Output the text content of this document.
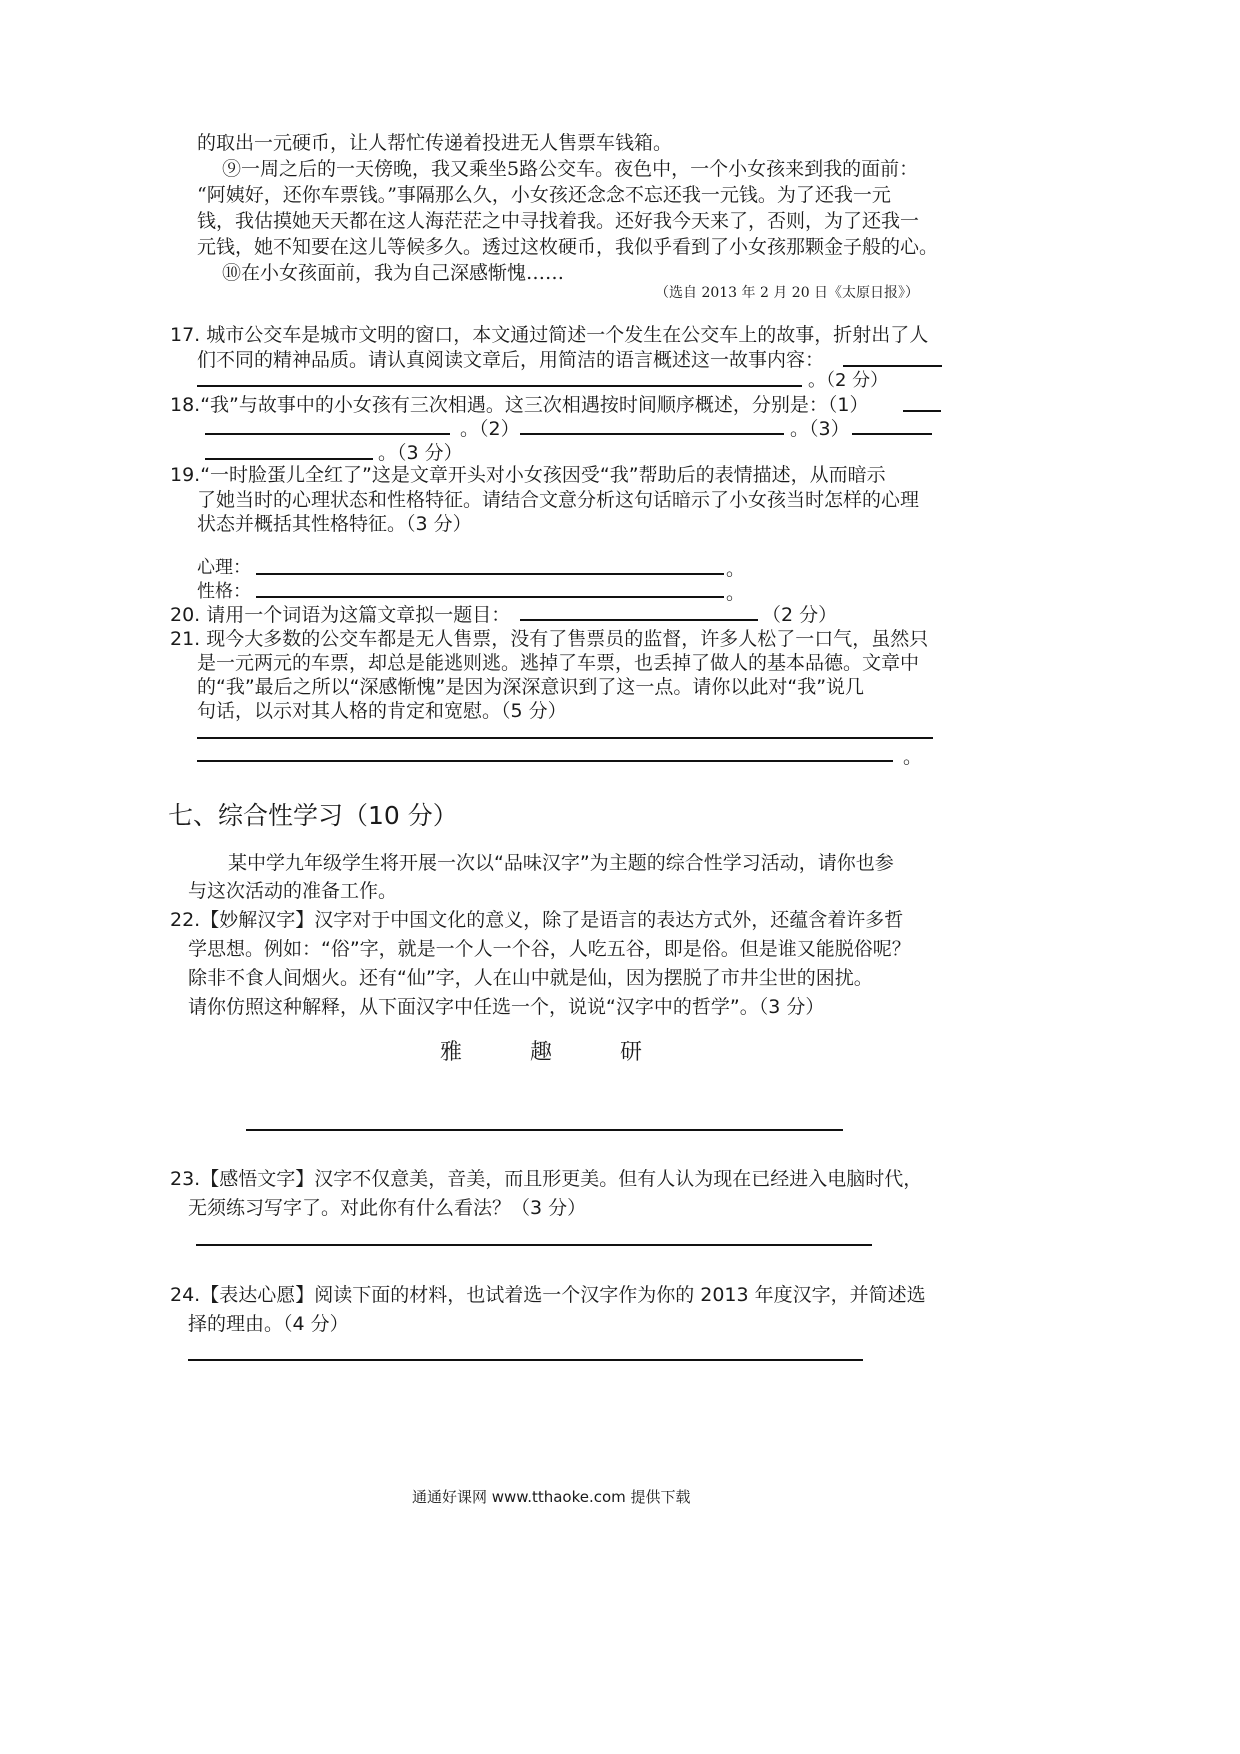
的取出一元硬币，让人帮忙传递着投进无人售票车钱箱。
⑨一周之后的一天傍晚，我又乘坐5路公交车。夜色中，一个小女孩来到我的面前：
“阿姨好，还你车票钱。”事隔那么久，小女孩还念念不忘还我一元钱。为了还我一元
钱，我估摸她天天都在这人海茫茫之中寻找着我。还好我今天来了，否则，为了还我一
元钱，她不知要在这儿等候多久。透过这枚硬币，我似乎看到了小女孩那颗金子般的心。
⑩在小女孩面前，我为自己深感惭愧……
（选自 2013 年 2 月 20 日《太原日报》）
17. 城市公交车是城市文明的窗口，本文通过简述一个发生在公交车上的故事，折射出了人
们不同的精神品质。请认真阅读文章后，用简洁的语言概述这一故事内容：
。（2 分）
18.“我”与故事中的小女孩有三次相遇。这三次相遇按时间顺序概述，分别是：（1）
。（2）	。（3）
。（3 分）
19.“一时脸蛋儿全红了”这是文章开头对小女孩因受“我”帮助后的表情描述，从而暗示
了她当时的心理状态和性格特征。请结合文意分析这句话暗示了小女孩当时怎样的心理
状态并概括其性格特征。（3 分）
心理：	。
性格：	。
20. 请用一个词语为这篇文章拟一题目：	（2 分）
21. 现今大多数的公交车都是无人售票，没有了售票员的监督，许多人松了一口气，虽然只
是一元两元的车票，却总是能逃则逃。逃掉了车票，也丢掉了做人的基本品德。文章中
的“我”最后之所以“深感惭愧”是因为深深意识到了这一点。请你以此对“我”说几
句话，以示对其人格的肯定和宽慰。（5 分）
。
七、综合性学习（10 分）
某中学九年级学生将开展一次以“品味汉字”为主题的综合性学习活动，请你也参
与这次活动的准备工作。
22.【妙解汉字】汉字对于中国文化的意义，除了是语言的表达方式外，还蕴含着许多哲
学思想。例如：“俗”字，就是一个人一个谷，人吃五谷，即是俗。但是谁又能脱俗呢？
除非不食人间烟火。还有“仙”字，人在山中就是仙，因为摆脱了市井尘世的困扰。
请你仿照这种解释，从下面汉字中任选一个，说说“汉字中的哲学”。（3 分）
雅	趣	研
23.【感悟文字】汉字不仅意美，音美，而且形更美。但有人认为现在已经进入电脑时代，
无须练习写字了。对此你有什么看法？（3 分）
24.【表达心愿】阅读下面的材料，也试着选一个汉字作为你的 2013 年度汉字，并简述选
择的理由。（4 分）
通通好课网 www.tthaoke.com 提供下载
